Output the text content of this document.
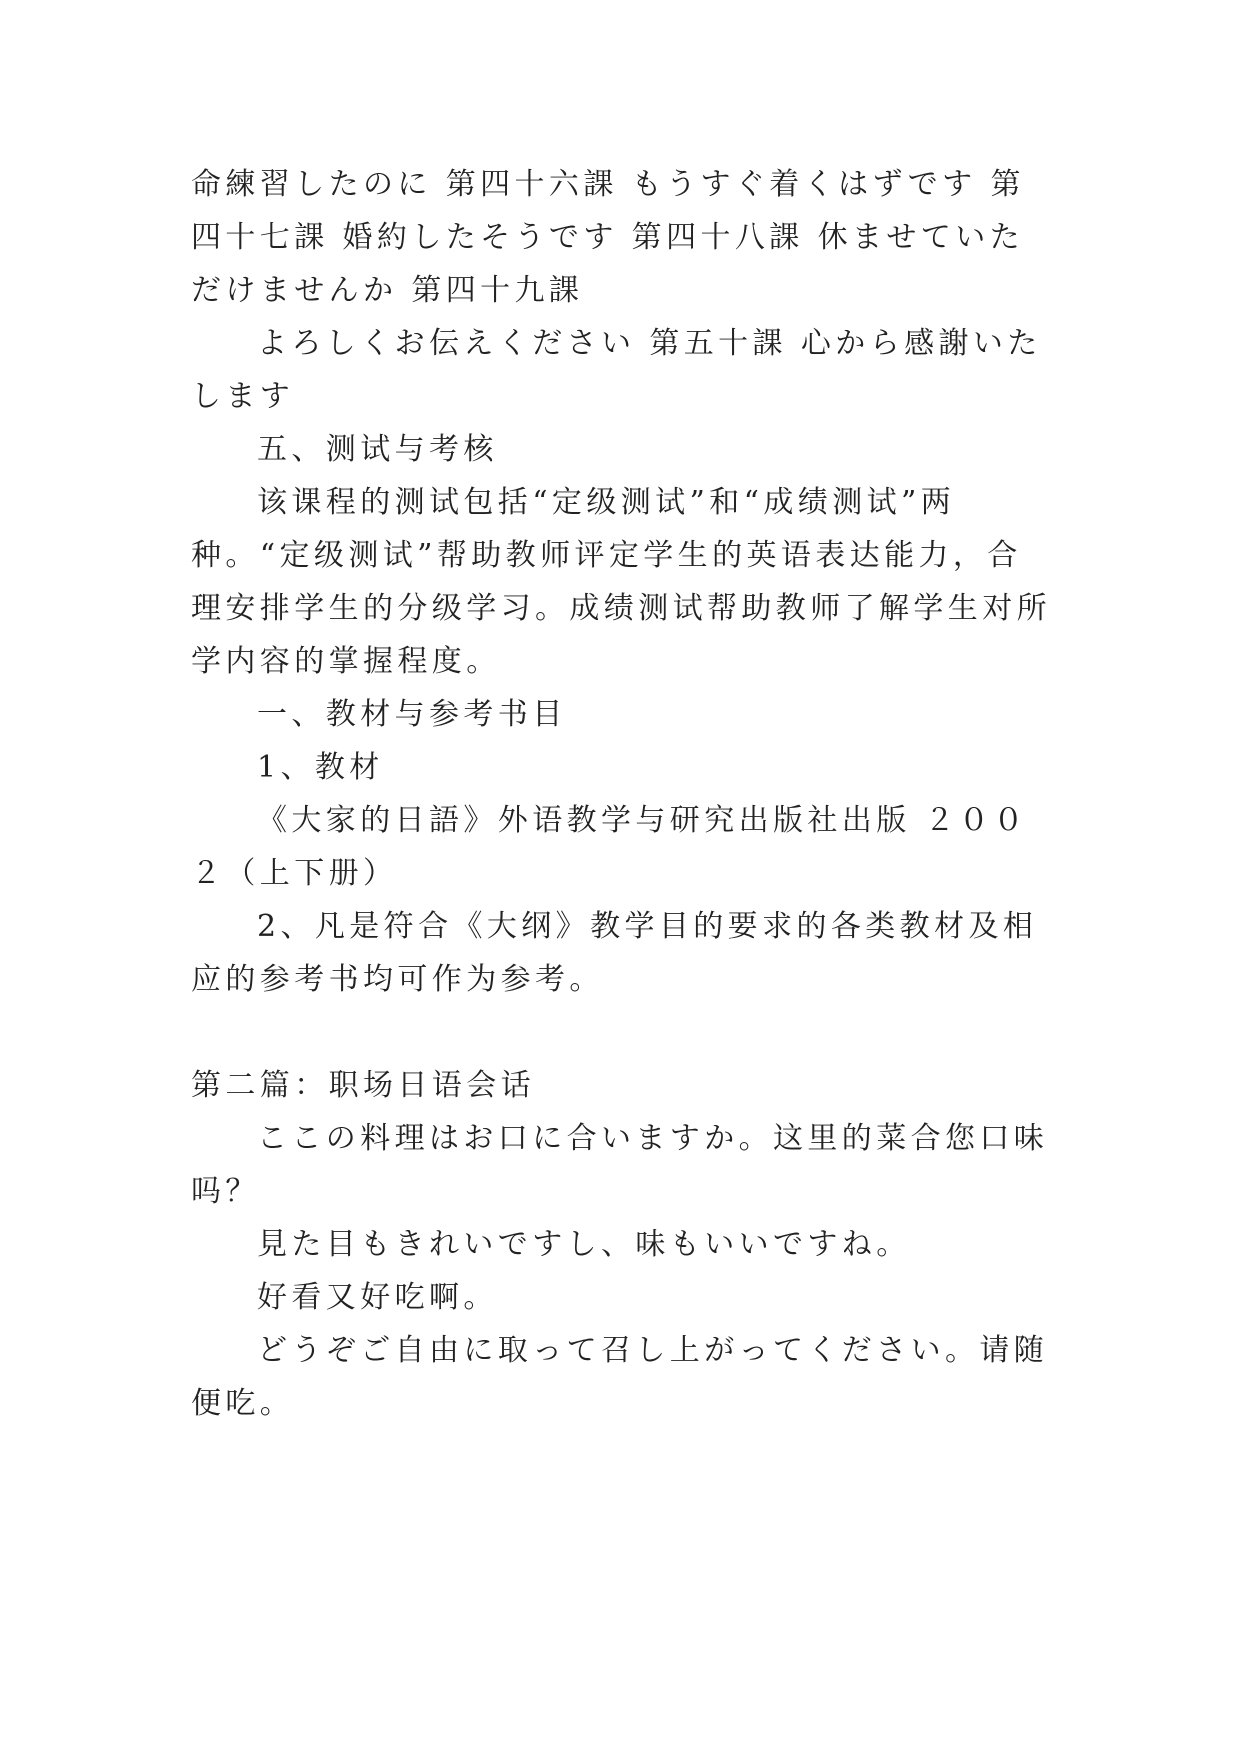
命練習したのに 第四十六課 もうすぐ着くはずです 第四十七課 婚約したそうです 第四十八課 休ませていただけませんか 第四十九課

よろしくお伝えください 第五十課 心から感謝いたします

五、测试与考核

该课程的测试包括“定级测试”和“成绩测试”两种。“定级测试”帮助教师评定学生的英语表达能力，合理安排学生的分级学习。成绩测试帮助教师了解学生对所学内容的掌握程度。

一、教材与参考书目

1、教材

《大家的日語》外语教学与研究出版社出版 ２００２（上下册）

2、凡是符合《大纲》教学目的要求的各类教材及相应的参考书均可作为参考。

第二篇：职场日语会话

ここの料理はお口に合いますか。这里的菜合您口味吗？

見た目もきれいですし、味もいいですね。

好看又好吃啊。

どうぞご自由に取って召し上がってください。请随便吃。
